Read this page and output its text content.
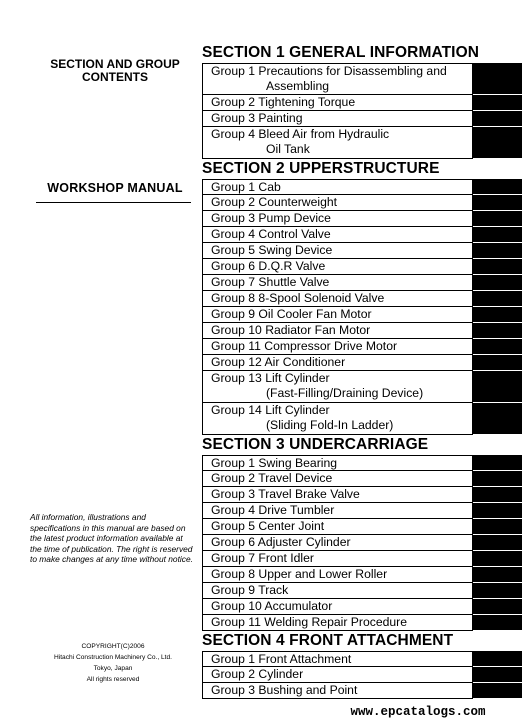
SECTION AND GROUP
CONTENTS
WORKSHOP MANUAL
All information, illustrations and specifications in this manual are based on the latest product information available at the time of publication. The right is reserved to make changes at any time without notice.
COPYRIGHT(C)2006
Hitachi Construction Machinery Co., Ltd.
Tokyo, Japan
All rights reserved
SECTION 1 GENERAL INFORMATION
Group 1 Precautions for Disassembling and
Assembling
Group 2 Tightening Torque
Group 3 Painting
Group 4 Bleed Air from Hydraulic
Oil Tank
SECTION 2 UPPERSTRUCTURE
Group 1 Cab
Group 2 Counterweight
Group 3 Pump Device
Group 4 Control Valve
Group 5 Swing Device
Group 6 D.Q.R Valve
Group 7 Shuttle Valve
Group 8 8-Spool Solenoid Valve
Group 9 Oil Cooler Fan Motor
Group 10 Radiator Fan Motor
Group 11 Compressor Drive Motor
Group 12 Air Conditioner
Group 13 Lift Cylinder
(Fast-Filling/Draining Device)
Group 14 Lift Cylinder
(Sliding Fold-In Ladder)
SECTION 3 UNDERCARRIAGE
Group 1 Swing Bearing
Group 2 Travel Device
Group 3 Travel Brake Valve
Group 4 Drive Tumbler
Group 5 Center Joint
Group 6 Adjuster Cylinder
Group 7 Front Idler
Group 8 Upper and Lower Roller
Group 9 Track
Group 10 Accumulator
Group 11 Welding Repair Procedure
SECTION 4 FRONT ATTACHMENT
Group 1 Front Attachment
Group 2 Cylinder
Group 3 Bushing and Point
www.epcatalogs.com
